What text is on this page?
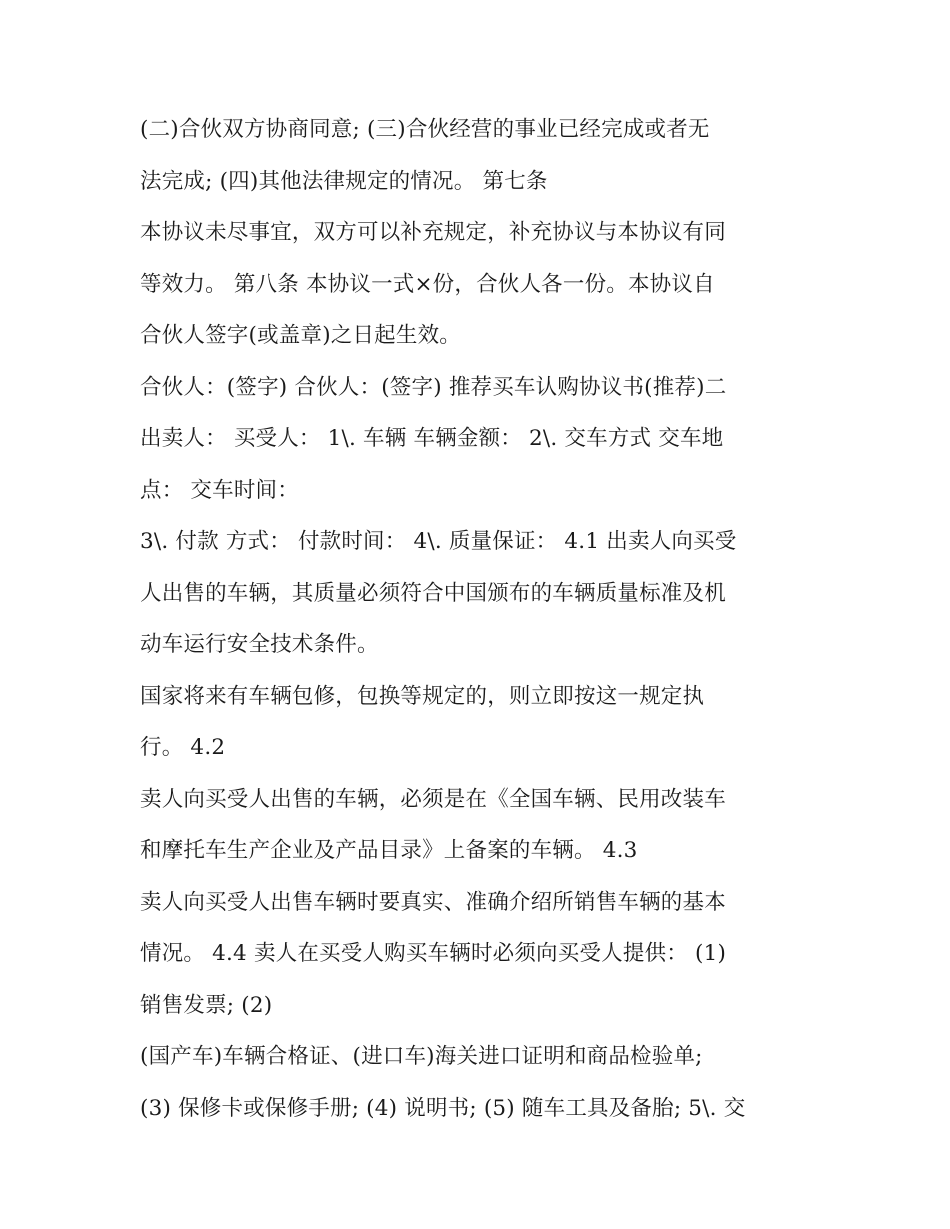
(二)合伙双方协商同意; (三)合伙经营的事业已经完成或者无
法完成; (四)其他法律规定的情况。 第七条
本协议未尽事宜，双方可以补充规定，补充协议与本协议有同
等效力。 第八条 本协议一式×份，合伙人各一份。本协议自
合伙人签字(或盖章)之日起生效。
合伙人：(签字) 合伙人：(签字) 推荐买车认购协议书(推荐)二
出卖人： 买受人： 1\. 车辆 车辆金额： 2\. 交车方式 交车地
点： 交车时间：
3\. 付款 方式： 付款时间： 4\. 质量保证： 4.1 出卖人向买受
人出售的车辆，其质量必须符合中国颁布的车辆质量标准及机
动车运行安全技术条件。
国家将来有车辆包修，包换等规定的，则立即按这一规定执
行。 4.2
卖人向买受人出售的车辆，必须是在《全国车辆、民用改装车
和摩托车生产企业及产品目录》上备案的车辆。 4.3
卖人向买受人出售车辆时要真实、准确介绍所销售车辆的基本
情况。 4.4 卖人在买受人购买车辆时必须向买受人提供： (1)
销售发票; (2)
(国产车)车辆合格证、(进口车)海关进口证明和商品检验单;
(3) 保修卡或保修手册; (4) 说明书; (5) 随车工具及备胎; 5\. 交
